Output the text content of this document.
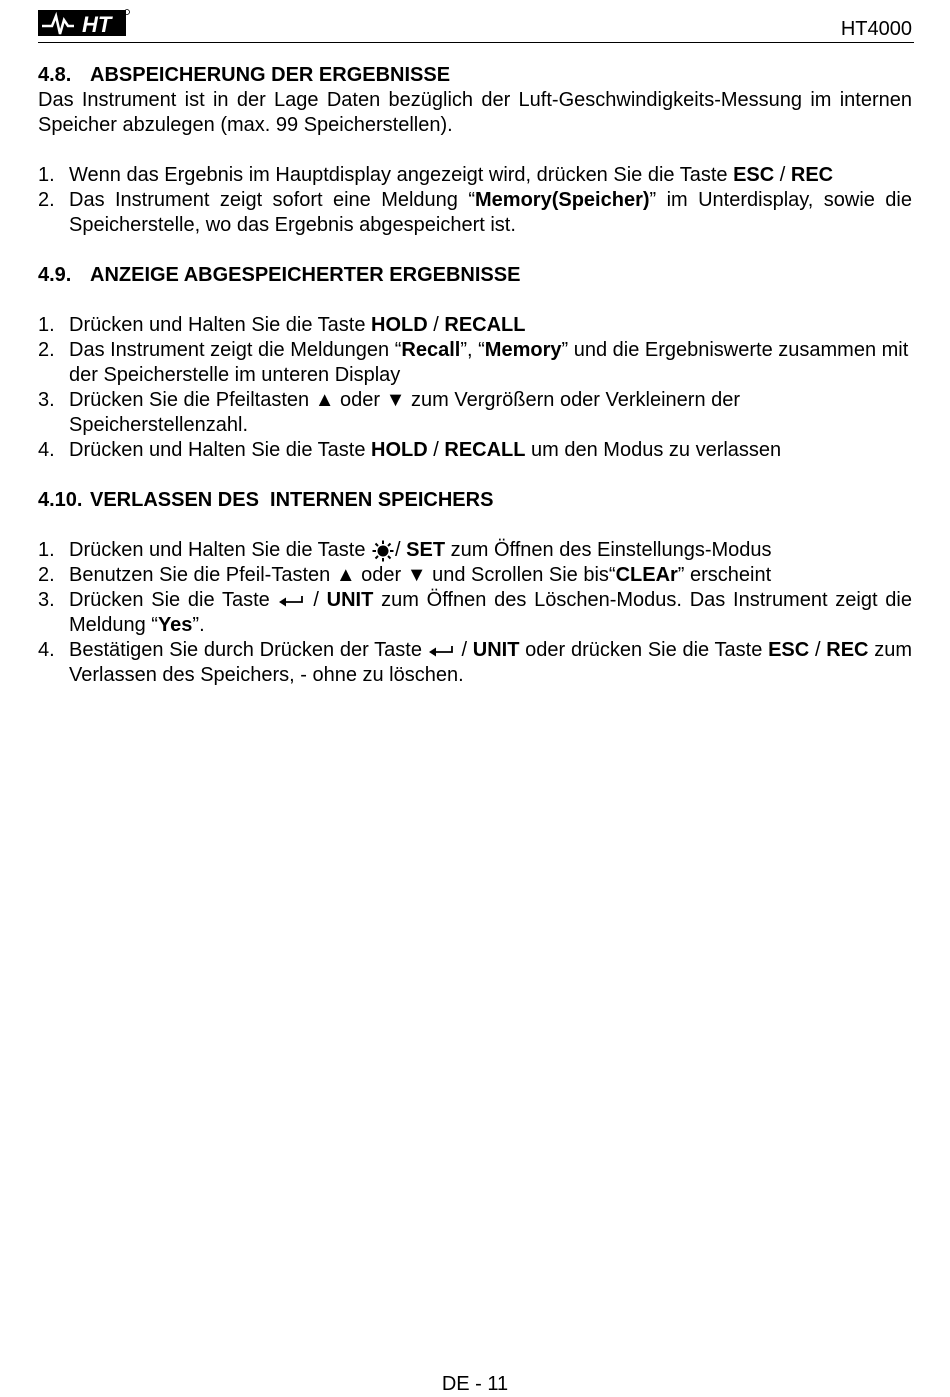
HT	HT4000
4.8. ABSPEICHERUNG DER ERGEBNISSE

Das Instrument ist in der Lage Daten bezüglich der Luft-Geschwindigkeits-Messung im internen Speicher abzulegen (max. 99 Speicherstellen).

1. Wenn das Ergebnis im Hauptdisplay angezeigt wird, drücken Sie die Taste ESC / REC
2. Das Instrument zeigt sofort eine Meldung “Memory(Speicher)” im Unterdisplay, sowie die Speicherstelle, wo das Ergebnis abgespeichert ist.
4.9. ANZEIGE ABGESPEICHERTER ERGEBNISSE
1. Drücken und Halten Sie die Taste HOLD / RECALL
2. Das Instrument zeigt die Meldungen “Recall”, “Memory” und die Ergebniswerte zusammen mit der Speicherstelle im unteren Display
3. Drücken Sie die Pfeiltasten ▲ oder ▼ zum Vergrößern oder Verkleinern der Speicherstellenzahl.
4. Drücken und Halten Sie die Taste HOLD / RECALL um den Modus zu verlassen
4.10. VERLASSEN DES  INTERNEN SPEICHERS
1. Drücken und Halten Sie die Taste / SET zum Öffnen des Einstellungs-Modus
2. Benutzen Sie die Pfeil-Tasten ▲ oder ▼ und Scrollen Sie bis“CLEAr” erscheint
3. Drücken Sie die Taste  / UNIT zum Öffnen des Löschen-Modus. Das Instrument zeigt die Meldung “Yes”.
4. Bestätigen Sie durch Drücken der Taste  / UNIT oder drücken Sie die Taste ESC / REC zum Verlassen des Speichers, - ohne zu löschen.
DE - 11
